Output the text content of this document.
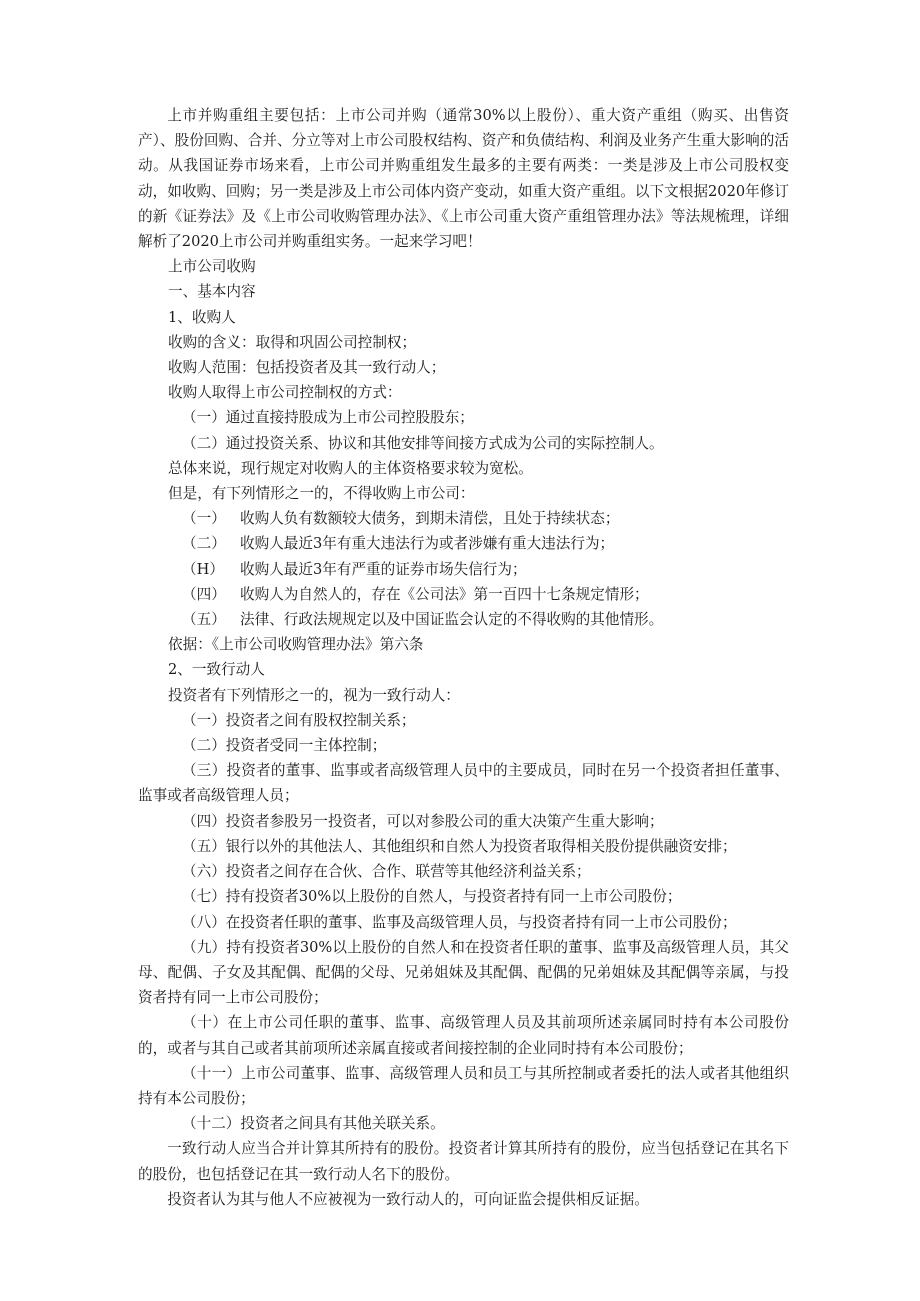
上市并购重组主要包括：上市公司并购（通常30%以上股份）、重大资产重组（购买、出售资产）、股份回购、合并、分立等对上市公司股权结构、资产和负债结构、利润及业务产生重大影响的活动。从我国证券市场来看，上市公司并购重组发生最多的主要有两类：一类是涉及上市公司股权变动，如收购、回购；另一类是涉及上市公司体内资产变动，如重大资产重组。以下文根据2020年修订的新《证券法》及《上市公司收购管理办法》、《上市公司重大资产重组管理办法》等法规梳理，详细解析了2020上市公司并购重组实务。一起来学习吧！

上市公司收购

一、基本内容

1、收购人

收购的含义：取得和巩固公司控制权；

收购人范围：包括投资者及其一致行动人；

收购人取得上市公司控制权的方式：

（一）通过直接持股成为上市公司控股股东；

（二）通过投资关系、协议和其他安排等间接方式成为公司的实际控制人。

总体来说，现行规定对收购人的主体资格要求较为宽松。

但是，有下列情形之一的，不得收购上市公司：

（一） 收购人负有数额较大债务，到期未清偿，且处于持续状态；

（二） 收购人最近3年有重大违法行为或者涉嫌有重大违法行为；

（H） 收购人最近3年有严重的证券市场失信行为；

（四） 收购人为自然人的，存在《公司法》第一百四十七条规定情形；

（五） 法律、行政法规规定以及中国证监会认定的不得收购的其他情形。

依据：《上市公司收购管理办法》第六条

2、一致行动人

投资者有下列情形之一的，视为一致行动人：

（一）投资者之间有股权控制关系；

（二）投资者受同一主体控制；

（三）投资者的董事、监事或者高级管理人员中的主要成员，同时在另一个投资者担任董事、监事或者高级管理人员；

（四）投资者参股另一投资者，可以对参股公司的重大决策产生重大影响；

（五）银行以外的其他法人、其他组织和自然人为投资者取得相关股份提供融资安排；

（六）投资者之间存在合伙、合作、联营等其他经济利益关系；

（七）持有投资者30%以上股份的自然人，与投资者持有同一上市公司股份；

（八）在投资者任职的董事、监事及高级管理人员，与投资者持有同一上市公司股份；

（九）持有投资者30%以上股份的自然人和在投资者任职的董事、监事及高级管理人员，其父母、配偶、子女及其配偶、配偶的父母、兄弟姐妹及其配偶、配偶的兄弟姐妹及其配偶等亲属，与投资者持有同一上市公司股份；

（十）在上市公司任职的董事、监事、高级管理人员及其前项所述亲属同时持有本公司股份的，或者与其自己或者其前项所述亲属直接或者间接控制的企业同时持有本公司股份；

（十一）上市公司董事、监事、高级管理人员和员工与其所控制或者委托的法人或者其他组织持有本公司股份；

（十二）投资者之间具有其他关联关系。

一致行动人应当合并计算其所持有的股份。投资者计算其所持有的股份，应当包括登记在其名下的股份，也包括登记在其一致行动人名下的股份。

投资者认为其与他人不应被视为一致行动人的，可向证监会提供相反证据。
